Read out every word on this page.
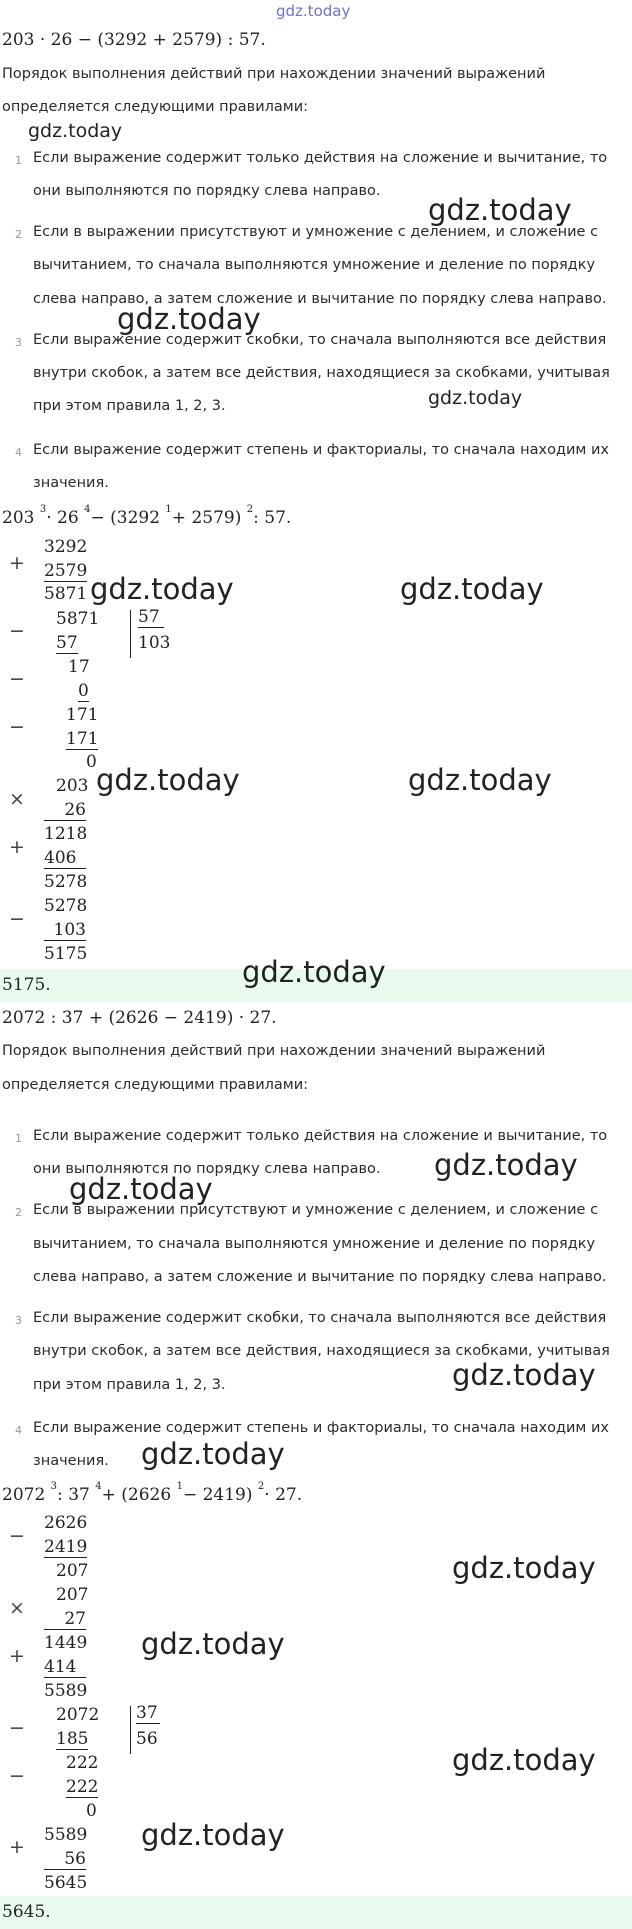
gdz.today
203 · 26 − (3292 + 2579) : 57.
Порядок выполнения действий при нахождении значений выражений
определяется следующими правилами:
gdz.today
1 Если выражение содержит только действия на сложение и вычитание, то
они выполняются по порядку слева направо.
gdz.today
2 Если в выражении присутствуют и умножение с делением, и сложение с
вычитанием, то сначала выполняются умножение и деление по порядку
слева направо, а затем сложение и вычитание по порядку слева направо.
gdz.today
3 Если выражение содержит скобки, то сначала выполняются все действия
внутри скобок, а затем все действия, находящиеся за скобками, учитывая
при этом правила 1, 2, 3.	gdz.today
4 Если выражение содержит степень и факториалы, то сначала находим их
значения.
203 $^3$· 26 $^4$− (3292 $^1$+ 2579) $^2$: 57.
+
3292
2579
5871 gdz.today	gdz.today
−
5871
57
57
103
−
17
0
−
171
171
0
×
203
26
1218
+ 406
5278
gdz.today	gdz.today
−
5278
103
5175
5175.	gdz.today
2072 : 37 + (2626 − 2419) · 27.
Порядок выполнения действий при нахождении значений выражений
определяется следующими правилами:
1 Если выражение содержит только действия на сложение и вычитание, то
они выполняются по порядку слева направо. gdz.today
gdz.today
2 Если в выражении присутствуют и умножение с делением, и сложение с
вычитанием, то сначала выполняются умножение и деление по порядку
слева направо, а затем сложение и вычитание по порядку слева направо.
3 Если выражение содержит скобки, то сначала выполняются все действия
внутри скобок, а затем все действия, находящиеся за скобками, учитывая
при этом правила 1, 2, 3.	gdz.today
4 Если выражение содержит степень и факториалы, то сначала находим их
значения. gdz.today
2072 $^3$: 37 $^4$+ (2626 $^1$− 2419) $^2$· 27.
−
2626
2419
207	gdz.today
×
207
27
1449
+ 414
5589
gdz.today
−
2072
185
37
56
−
222
222
0
gdz.today
+
5589
56
5645
gdz.today
5645.
